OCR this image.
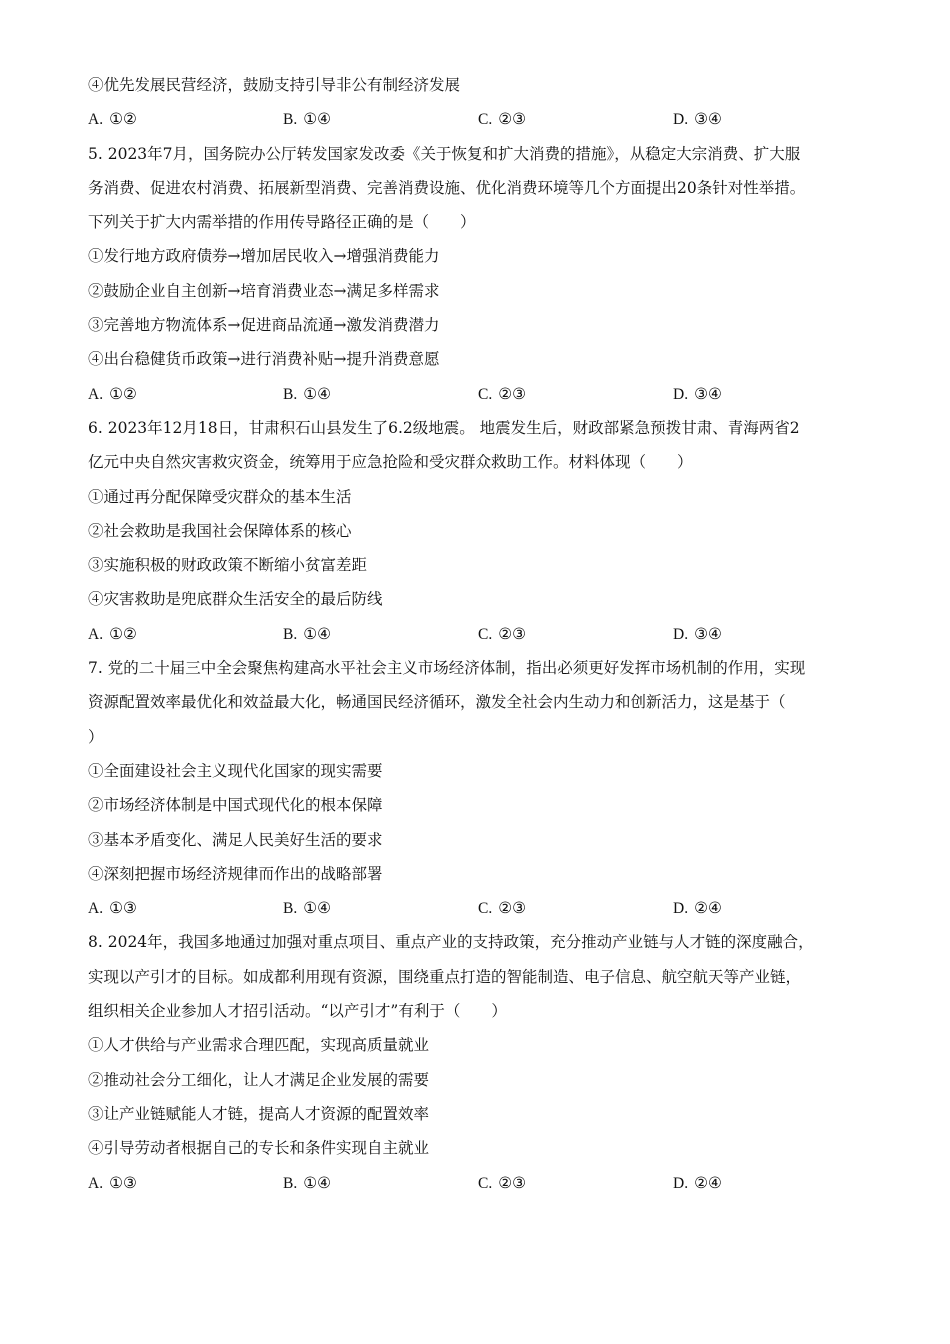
④优先发展民营经济，鼓励支持引导非公有制经济发展
A. ①②	B. ①④	C. ②③	D. ③④
5. 2023年7月，国务院办公厅转发国家发改委《关于恢复和扩大消费的措施》，从稳定大宗消费、扩大服
务消费、促进农村消费、拓展新型消费、完善消费设施、优化消费环境等几个方面提出20条针对性举措。
下列关于扩大内需举措的作用传导路径正确的是（　　）
①发行地方政府债券→增加居民收入→增强消费能力
②鼓励企业自主创新→培育消费业态→满足多样需求
③完善地方物流体系→促进商品流通→激发消费潜力
④出台稳健货币政策→进行消费补贴→提升消费意愿
A. ①②	B. ①④	C. ②③	D. ③④
6. 2023年12月18日，甘肃积石山县发生了6.2级地震。 地震发生后，财政部紧急预拨甘肃、青海两省2
亿元中央自然灾害救灾资金，统筹用于应急抢险和受灾群众救助工作。材料体现（　　）
①通过再分配保障受灾群众的基本生活
②社会救助是我国社会保障体系的核心
③实施积极的财政政策不断缩小贫富差距
④灾害救助是兜底群众生活安全的最后防线
A. ①②	B. ①④	C. ②③	D. ③④
7. 党的二十届三中全会聚焦构建高水平社会主义市场经济体制，指出必须更好发挥市场机制的作用，实现
资源配置效率最优化和效益最大化，畅通国民经济循环，激发全社会内生动力和创新活力，这是基于（
）
①全面建设社会主义现代化国家的现实需要
②市场经济体制是中国式现代化的根本保障
③基本矛盾变化、满足人民美好生活的要求
④深刻把握市场经济规律而作出的战略部署
A. ①③	B. ①④	C. ②③	D. ②④
8. 2024年，我国多地通过加强对重点项目、重点产业的支持政策，充分推动产业链与人才链的深度融合，
实现以产引才的目标。如成都利用现有资源，围绕重点打造的智能制造、电子信息、航空航天等产业链，
组织相关企业参加人才招引活动。“以产引才”有利于（　　）
①人才供给与产业需求合理匹配，实现高质量就业
②推动社会分工细化，让人才满足企业发展的需要
③让产业链赋能人才链，提高人才资源的配置效率
④引导劳动者根据自己的专长和条件实现自主就业
A. ①③	B. ①④	C. ②③	D. ②④
